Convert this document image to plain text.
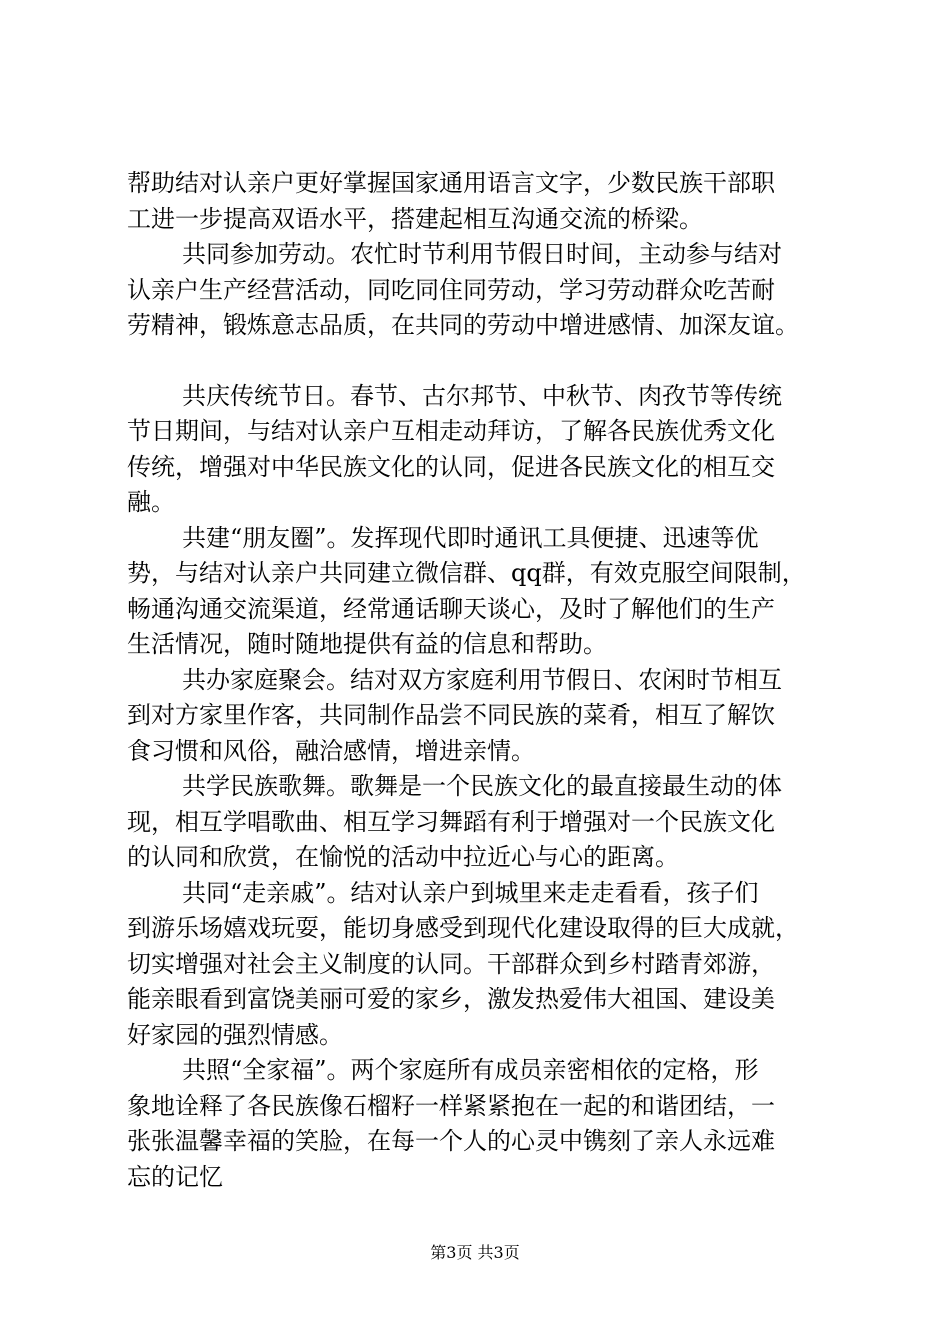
帮助结对认亲户更好掌握国家通用语言文字，少数民族干部职
工进一步提高双语水平，搭建起相互沟通交流的桥梁。
共同参加劳动。农忙时节利用节假日时间，主动参与结对
认亲户生产经营活动，同吃同住同劳动，学习劳动群众吃苦耐
劳精神，锻炼意志品质，在共同的劳动中增进感情、加深友谊。
共庆传统节日。春节、古尔邦节、中秋节、肉孜节等传统
节日期间，与结对认亲户互相走动拜访，了解各民族优秀文化
传统，增强对中华民族文化的认同，促进各民族文化的相互交
融。
共建“朋友圈”。发挥现代即时通讯工具便捷、迅速等优
势，与结对认亲户共同建立微信群、qq群，有效克服空间限制，
畅通沟通交流渠道，经常通话聊天谈心，及时了解他们的生产
生活情况，随时随地提供有益的信息和帮助。
共办家庭聚会。结对双方家庭利用节假日、农闲时节相互
到对方家里作客，共同制作品尝不同民族的菜肴，相互了解饮
食习惯和风俗，融洽感情，增进亲情。
共学民族歌舞。歌舞是一个民族文化的最直接最生动的体
现，相互学唱歌曲、相互学习舞蹈有利于增强对一个民族文化
的认同和欣赏，在愉悦的活动中拉近心与心的距离。
共同“走亲戚”。结对认亲户到城里来走走看看，孩子们
到游乐场嬉戏玩耍，能切身感受到现代化建设取得的巨大成就，
切实增强对社会主义制度的认同。干部群众到乡村踏青郊游，
能亲眼看到富饶美丽可爱的家乡，激发热爱伟大祖国、建设美
好家园的强烈情感。
共照“全家福”。两个家庭所有成员亲密相依的定格，形
象地诠释了各民族像石榴籽一样紧紧抱在一起的和谐团结，一
张张温馨幸福的笑脸，在每一个人的心灵中镌刻了亲人永远难
忘的记忆
第3页 共3页
